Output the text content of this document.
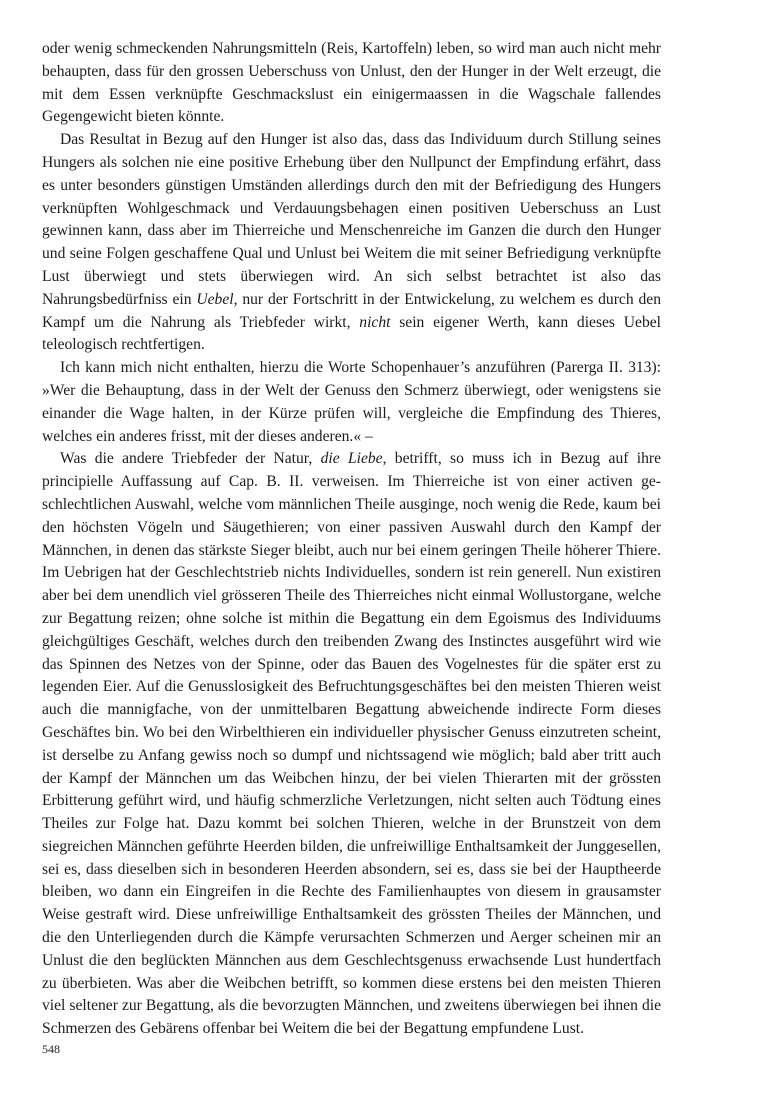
oder wenig schmeckenden Nahrungsmitteln (Reis, Kartoffeln) leben, so wird man auch nicht mehr behaupten, dass für den grossen Ueberschuss von Unlust, den der Hunger in der Welt erzeugt, die mit dem Essen verknüpfte Geschmackslust ein einigermaassen in die Wagschale fallendes Gegengewicht bieten könnte.

Das Resultat in Bezug auf den Hunger ist also das, dass das Individuum durch Stillung seines Hungers als solchen nie eine positive Erhebung über den Nullpunct der Empfindung erfährt, dass es unter besonders günstigen Umständen allerdings durch den mit der Befriedigung des Hungers verknüpften Wohlgeschmack und Verdauungsbehagen einen positiven Ueberschuss an Lust gewinnen kann, dass aber im Thierreiche und Menschenreiche im Ganzen die durch den Hunger und seine Folgen geschaffene Qual und Unlust bei Weitem die mit seiner Befriedigung verknüpfte Lust überwiegt und stets überwiegen wird. An sich selbst betrachtet ist also das Nahrungsbedürfniss ein Uebel, nur der Fortschritt in der Entwickelung, zu welchem es durch den Kampf um die Nahrung als Triebfeder wirkt, nicht sein eigener Werth, kann dieses Uebel teleologisch rechtfertigen.

Ich kann mich nicht enthalten, hierzu die Worte Schopenhauer’s anzuführen (Parerga II. 313): »Wer die Behauptung, dass in der Welt der Genuss den Schmerz überwiegt, oder wenigstens sie einander die Wage halten, in der Kürze prüfen will, vergleiche die Empfindung des Thieres, welches ein anderes frisst, mit der dieses anderen.« –

Was die andere Triebfeder der Natur, die Liebe, betrifft, so muss ich in Bezug auf ihre principielle Auffassung auf Cap. B. II. verweisen. Im Thierreiche ist von einer activen geschlechtlichen Auswahl, welche vom männlichen Theile ausginge, noch wenig die Rede, kaum bei den höchsten Vögeln und Säugethieren; von einer passiven Auswahl durch den Kampf der Männchen, in denen das stärkste Sieger bleibt, auch nur bei einem geringen Theile höherer Thiere. Im Uebrigen hat der Geschlechtstrieb nichts Individuelles, sondern ist rein generell. Nun existiren aber bei dem unendlich viel grösseren Theile des Thierreiches nicht einmal Wollustorgane, welche zur Begattung reizen; ohne solche ist mithin die Begattung ein dem Egoismus des Individuums gleichgültiges Geschäft, welches durch den treibenden Zwang des Instinctes ausgeführt wird wie das Spinnen des Netzes von der Spinne, oder das Bauen des Vogelnestes für die später erst zu legenden Eier. Auf die Genusslosigkeit des Befruchtungsgeschäftes bei den meisten Thieren weist auch die mannigfache, von der unmittelbaren Begattung abweichende indirecte Form dieses Geschäftes bin. Wo bei den Wirbelthieren ein individueller physischer Genuss einzutreten scheint, ist derselbe zu Anfang gewiss noch so dumpf und nichtssagend wie möglich; bald aber tritt auch der Kampf der Männchen um das Weibchen hinzu, der bei vielen Thierarten mit der grössten Erbitterung geführt wird, und häufig schmerzliche Verletzungen, nicht selten auch Tödtung eines Theiles zur Folge hat. Dazu kommt bei solchen Thieren, welche in der Brunstzeit von dem siegreichen Männchen geführte Heerden bilden, die unfreiwillige Enthaltsamkeit der Junggesellen, sei es, dass dieselben sich in besonderen Heerden absondern, sei es, dass sie bei der Hauptheerde bleiben, wo dann ein Eingreifen in die Rechte des Familienhauptes von diesem in grausamster Weise gestraft wird. Diese unfreiwillige Enthaltsamkeit des grössten Theiles der Männchen, und die den Unterliegenden durch die Kämpfe verursachten Schmerzen und Aerger scheinen mir an Unlust die den beglückten Männchen aus dem Geschlechtsgenuss erwachsende Lust hundertfach zu überbieten. Was aber die Weibchen betrifft, so kommen diese erstens bei den meisten Thieren viel seltener zur Begattung, als die bevorzugten Männchen, und zweitens überwiegen bei ihnen die Schmerzen des Gebärens offenbar bei Weitem die bei der Begattung empfundene Lust.

548
